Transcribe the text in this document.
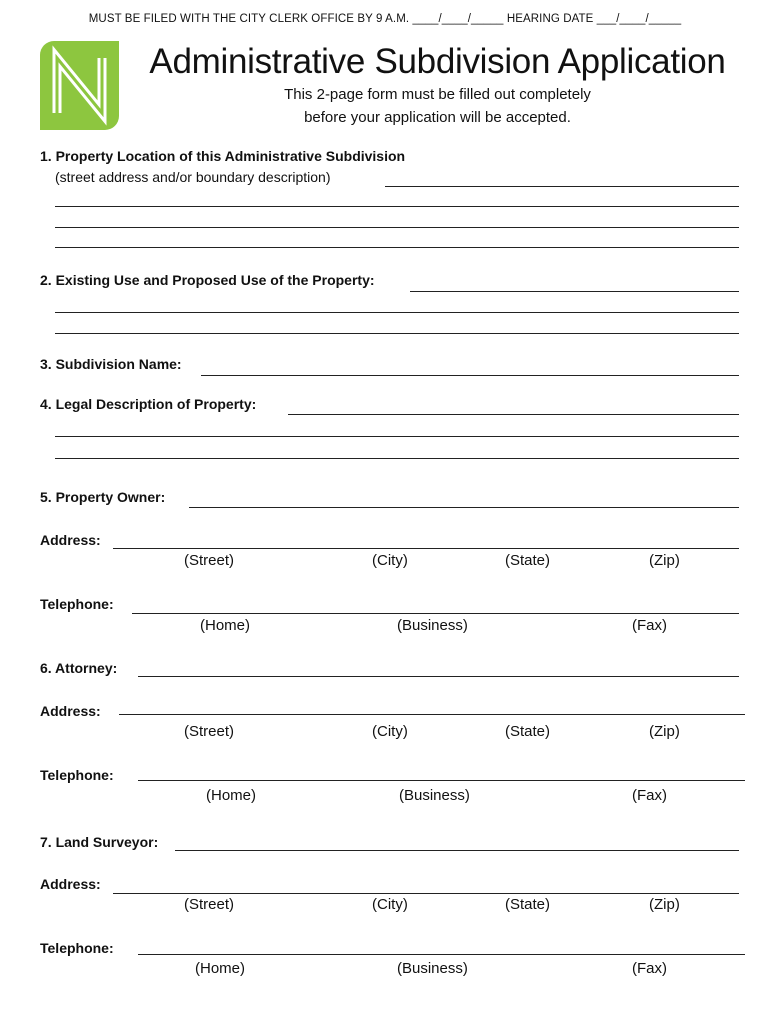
MUST BE FILED WITH THE CITY CLERK OFFICE BY 9 A.M. ____/____/_____ HEARING DATE ___/____/_____
Administrative Subdivision Application
This 2-page form must be filled out completely
before your application will be accepted.
1. Property Location of this Administrative Subdivision
(street address and/or boundary description)
2. Existing Use and Proposed Use of the Property:
3. Subdivision Name:
4. Legal Description of Property:
5. Property Owner:
Address:
(Street)	(City)	(State)	(Zip)
Telephone:
(Home)	(Business)	(Fax)
6. Attorney:
Address:
(Street)	(City)	(State)	(Zip)
Telephone:
(Home)	(Business)	(Fax)
7. Land Surveyor:
Address:
(Street)	(City)	(State)	(Zip)
Telephone:
(Home)	(Business)	(Fax)
